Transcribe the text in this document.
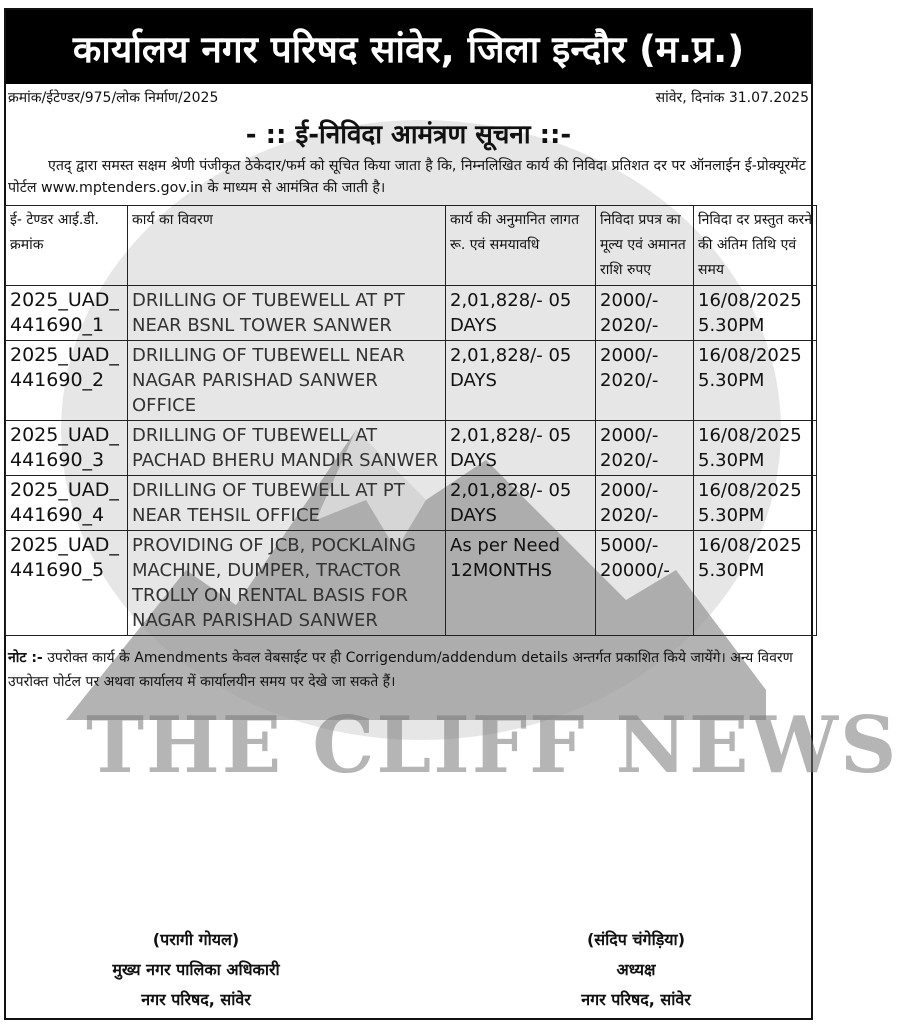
कार्यालय नगर परिषद सांवेर, जिला इन्दौर (म.प्र.)
क्रमांक/ईटेण्डर/975/लोक निर्माण/2025	सांवेर, दिनांक 31.07.2025
- :: ई-निविदा आमंत्रण सूचना ::-
एतद् द्वारा समस्त सक्षम श्रेणी पंजीकृत ठेकेदार/फर्म को सूचित किया जाता है कि, निम्नलिखित कार्य की निविदा प्रतिशत दर पर ऑनलाईन ई-प्रोक्यूरमेंट पोर्टल www.mptenders.gov.in के माध्यम से आमंत्रित की जाती है।
ई- टेण्डर आई.डी. क्रमांक	कार्य का विवरण	कार्य की अनुमानित लागत रू. एवं समयावधि	निविदा प्रपत्र का मूल्य एवं अमानत राशि रुपए	निविदा दर प्रस्तुत करने की अंतिम तिथि एवं समय
2025_UAD_ 441690_1	DRILLING OF TUBEWELL AT PT NEAR BSNL TOWER SANWER	2,01,828/- 05 DAYS	2000/- 2020/-	16/08/2025 5.30PM
2025_UAD_ 441690_2	DRILLING OF TUBEWELL NEAR NAGAR PARISHAD SANWER OFFICE	2,01,828/- 05 DAYS	2000/- 2020/-	16/08/2025 5.30PM
2025_UAD_ 441690_3	DRILLING OF TUBEWELL AT PACHAD BHERU MANDIR SANWER	2,01,828/- 05 DAYS	2000/- 2020/-	16/08/2025 5.30PM
2025_UAD_ 441690_4	DRILLING OF TUBEWELL AT PT NEAR TEHSIL OFFICE	2,01,828/- 05 DAYS	2000/- 2020/-	16/08/2025 5.30PM
2025_UAD_ 441690_5	PROVIDING OF JCB, POCKLAING MACHINE, DUMPER, TRACTOR TROLLY ON RENTAL BASIS FOR NAGAR PARISHAD SANWER	As per Need 12MONTHS	5000/- 20000/-	16/08/2025 5.30PM
THE CLIFF NEWS
नोट :- उपरोक्त कार्य के Amendments केवल वेबसाईट पर ही Corrigendum/addendum details अन्तर्गत प्रकाशित किये जायेंगे। अन्य विवरण उपरोक्त पोर्टल पर अथवा कार्यालय में कार्यालयीन समय पर देखे जा सकते हैं।
(परागी गोयल)
मुख्य नगर पालिका अधिकारी
नगर परिषद, सांवेर
(संदिप चंगेड़िया)
अध्यक्ष
नगर परिषद, सांवेर
